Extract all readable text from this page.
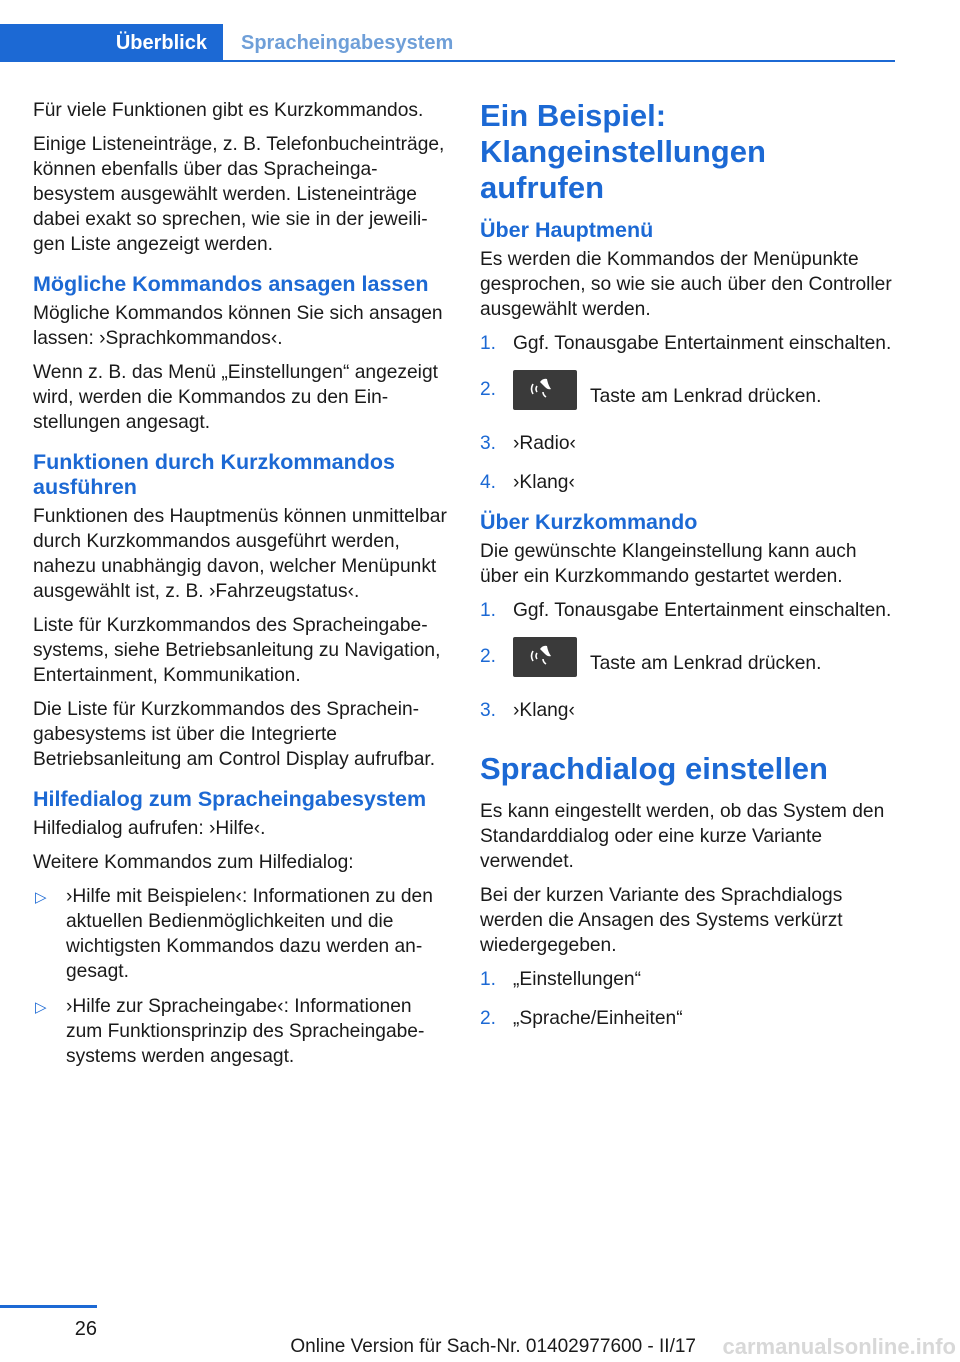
Überblick	Spracheingabesystem

Für viele Funktionen gibt es Kurzkommandos.

Einige Listeneinträge, z. B. Telefonbucheinträge, können ebenfalls über das Spracheingabesystem ausgewählt werden. Listeneinträge dabei exakt so sprechen, wie sie in der jeweiligen Liste angezeigt werden.

Mögliche Kommandos ansagen lassen

Mögliche Kommandos können Sie sich ansagen lassen: ›Sprachkommandos‹.

Wenn z. B. das Menü „Einstellungen“ angezeigt wird, werden die Kommandos zu den Einstellungen angesagt.

Funktionen durch Kurzkommandos ausführen

Funktionen des Hauptmenüs können unmittelbar durch Kurzkommandos ausgeführt werden, nahezu unabhängig davon, welcher Menüpunkt ausgewählt ist, z. B. ›Fahrzeugstatus‹.

Liste für Kurzkommandos des Spracheingabesystems, siehe Betriebsanleitung zu Navigation, Entertainment, Kommunikation.

Die Liste für Kurzkommandos des Spracheingabesystems ist über die Integrierte Betriebsanleitung am Control Display aufrufbar.

Hilfedialog zum Spracheingabesystem

Hilfedialog aufrufen: ›Hilfe‹.

Weitere Kommandos zum Hilfedialog:

▷ ›Hilfe mit Beispielen‹: Informationen zu den aktuellen Bedienmöglichkeiten und die wichtigsten Kommandos dazu werden angesagt.
▷ ›Hilfe zur Spracheingabe‹: Informationen zum Funktionsprinzip des Spracheingabesystems werden angesagt.
Ein Beispiel: Klangeinstellungen aufrufen
Über Hauptmenü

Es werden die Kommandos der Menüpunkte gesprochen, so wie sie auch über den Controller ausgewählt werden.

1. Ggf. Tonausgabe Entertainment einschalten.
2.	Taste am Lenkrad drücken.
3. ›Radio‹
4. ›Klang‹
Über Kurzkommando

Die gewünschte Klangeinstellung kann auch über ein Kurzkommando gestartet werden.

1. Ggf. Tonausgabe Entertainment einschalten.
2.	Taste am Lenkrad drücken.
3. ›Klang‹
Sprachdialog einstellen

Es kann eingestellt werden, ob das System den Standarddialog oder eine kurze Variante verwendet.

Bei der kurzen Variante des Sprachdialogs werden die Ansagen des Systems verkürzt wiedergegeben.

1. „Einstellungen“
2. „Sprache/Einheiten“
26
Online Version für Sach-Nr. 01402977600 - II/17 carmanualsonline.info
